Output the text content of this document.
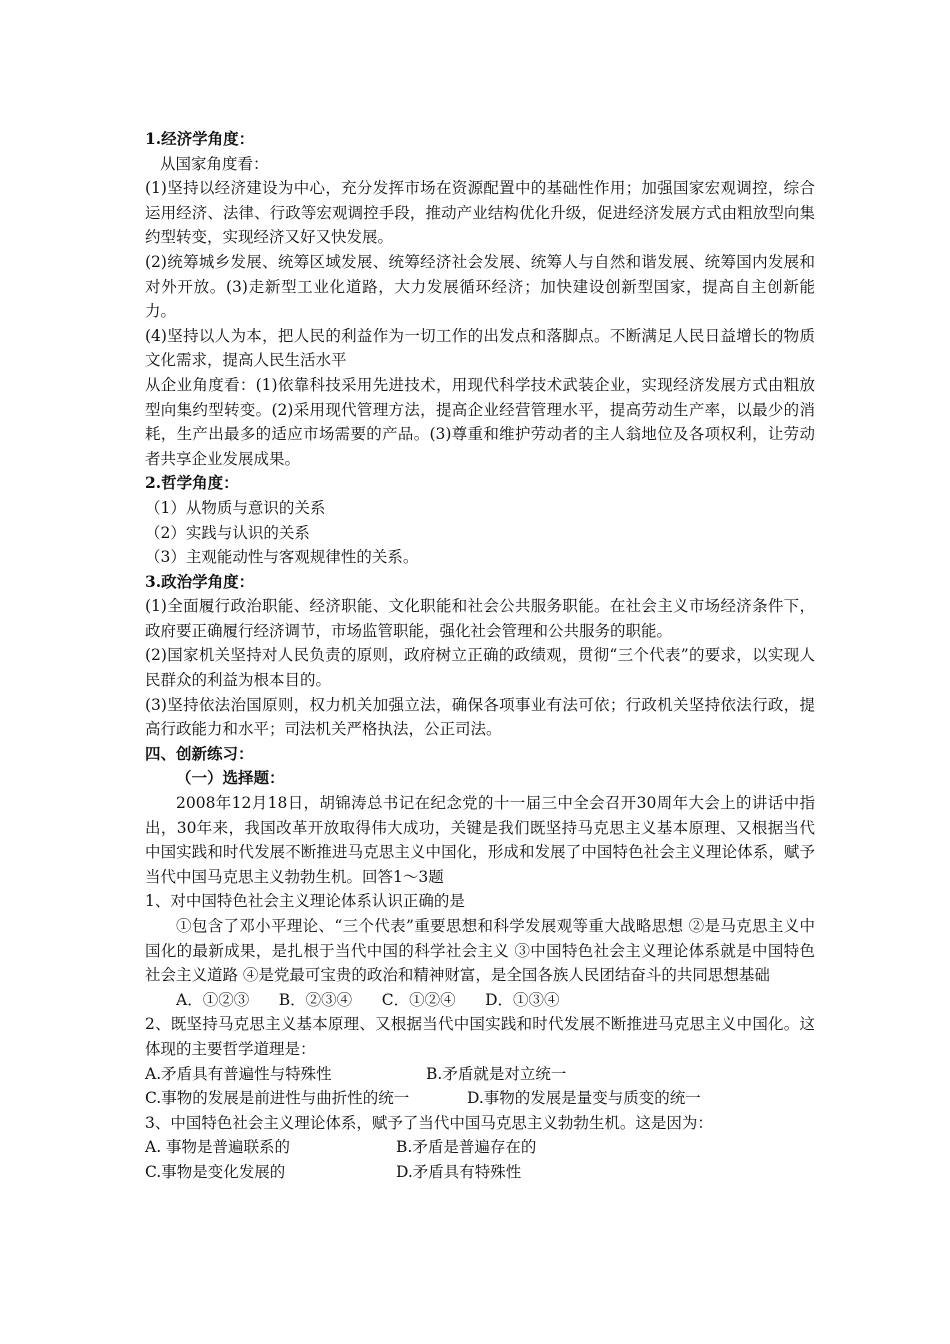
1.经济学角度：

从国家角度看：

(1)坚持以经济建设为中心，充分发挥市场在资源配置中的基础性作用；加强国家宏观调控，综合运用经济、法律、行政等宏观调控手段，推动产业结构优化升级，促进经济发展方式由粗放型向集约型转变，实现经济又好又快发展。

(2)统筹城乡发展、统筹区域发展、统筹经济社会发展、统筹人与自然和谐发展、统筹国内发展和对外开放。(3)走新型工业化道路，大力发展循环经济；加快建设创新型国家，提高自主创新能力。

(4)坚持以人为本，把人民的利益作为一切工作的出发点和落脚点。不断满足人民日益增长的物质文化需求，提高人民生活水平

从企业角度看：(1)依靠科技采用先进技术，用现代科学技术武装企业，实现经济发展方式由粗放型向集约型转变。(2)采用现代管理方法，提高企业经营管理水平，提高劳动生产率，以最少的消耗，生产出最多的适应市场需要的产品。(3)尊重和维护劳动者的主人翁地位及各项权利，让劳动者共享企业发展成果。

2.哲学角度：

（1）从物质与意识的关系

（2）实践与认识的关系

（3）主观能动性与客观规律性的关系。

3.政治学角度：

(1)全面履行政治职能、经济职能、文化职能和社会公共服务职能。在社会主义市场经济条件下，政府要正确履行经济调节，市场监管职能，强化社会管理和公共服务的职能。

(2)国家机关坚持对人民负责的原则，政府树立正确的政绩观，贯彻“三个代表”的要求，以实现人民群众的利益为根本目的。

(3)坚持依法治国原则，权力机关加强立法，确保各项事业有法可依；行政机关坚持依法行政，提高行政能力和水平；司法机关严格执法，公正司法。

四、创新练习：

（一）选择题：

2008年12月18日，胡锦涛总书记在纪念党的十一届三中全会召开30周年大会上的讲话中指出，30年来，我国改革开放取得伟大成功，关键是我们既坚持马克思主义基本原理、又根据当代中国实践和时代发展不断推进马克思主义中国化，形成和发展了中国特色社会主义理论体系，赋予当代中国马克思主义勃勃生机。回答1～3题

1、对中国特色社会主义理论体系认识正确的是

①包含了邓小平理论、“三个代表”重要思想和科学发展观等重大战略思想 ②是马克思主义中国化的最新成果，是扎根于当代中国的科学社会主义 ③中国特色社会主义理论体系就是中国特色社会主义道路 ④是党最可宝贵的政治和精神财富，是全国各族人民团结奋斗的共同思想基础

A．①②③      B．②③④      C．①②④      D．①③④

2、既坚持马克思主义基本原理、又根据当代中国实践和时代发展不断推进马克思主义中国化。这体现的主要哲学道理是：

A.矛盾具有普遍性与特殊性	B.矛盾就是对立统一
C.事物的发展是前进性与曲折性的统一	D.事物的发展是量变与质变的统一

3、中国特色社会主义理论体系，赋予了当代中国马克思主义勃勃生机。这是因为：

A. 事物是普遍联系的	B.矛盾是普遍存在的
C.事物是变化发展的	D.矛盾具有特殊性
